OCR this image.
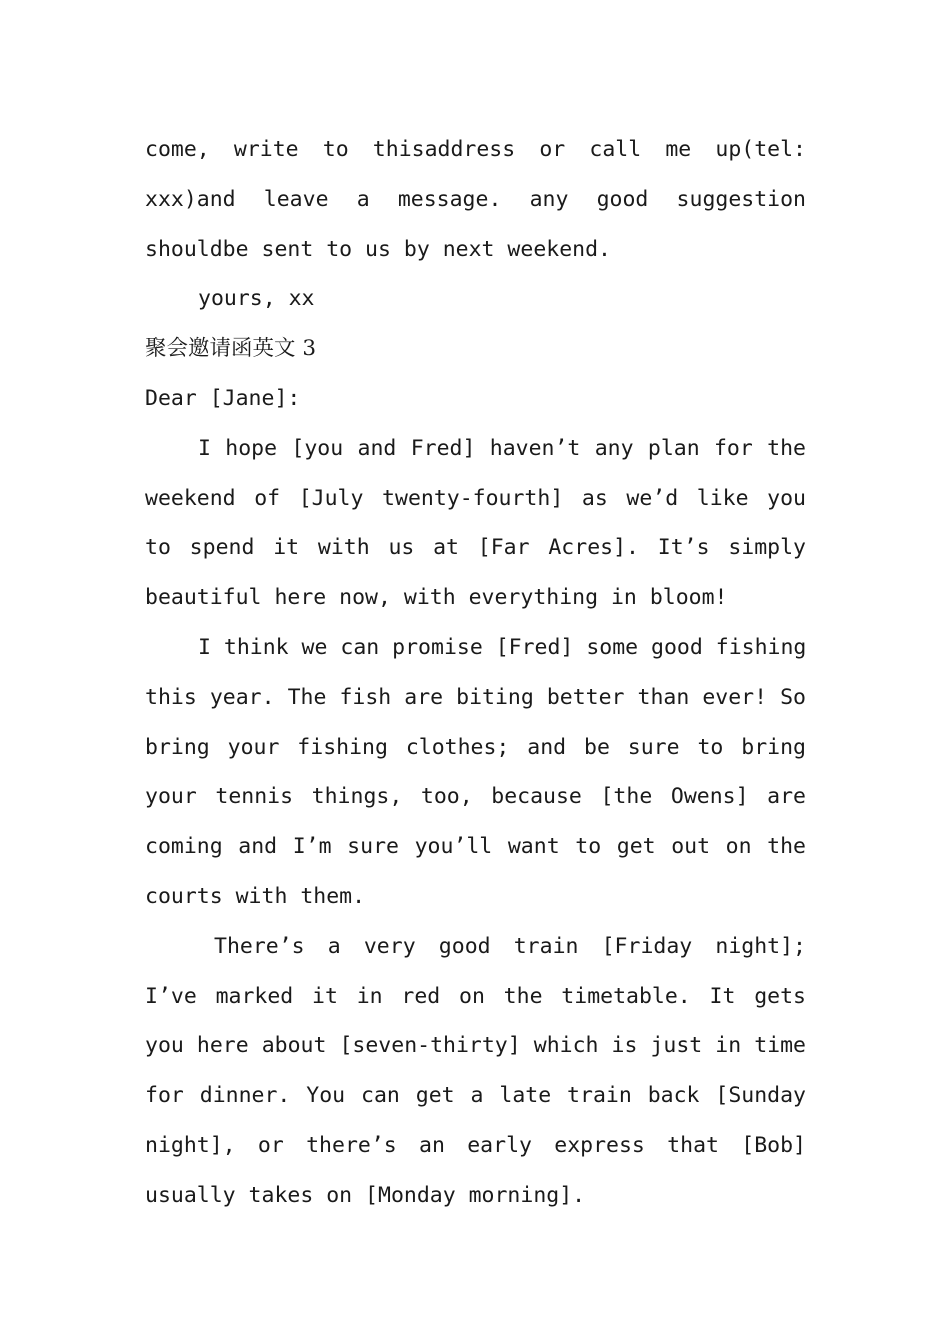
come, write to thisaddress or call me up(tel:
xxx)and leave a message. any good suggestion
shouldbe sent to us by next weekend.
yours, xx
聚会邀请函英文 3
Dear [Jane]:
I hope [you and Fred] haven’t any plan for the
weekend of [July twenty-fourth] as we’d like you
to spend it with us at [Far Acres]. It’s simply
beautiful here now, with everything in bloom!
I think we can promise [Fred] some good fishing
this year. The fish are biting better than ever! So
bring your fishing clothes; and be sure to bring
your tennis things, too, because [the Owens] are
coming and I’m sure you’ll want to get out on the
courts with them.
There’s a very good train [Friday night];
I’ve marked it in red on the timetable. It gets
you here about [seven-thirty] which is just in time
for dinner. You can get a late train back [Sunday
night], or there’s an early express that [Bob]
usually takes on [Monday morning].
